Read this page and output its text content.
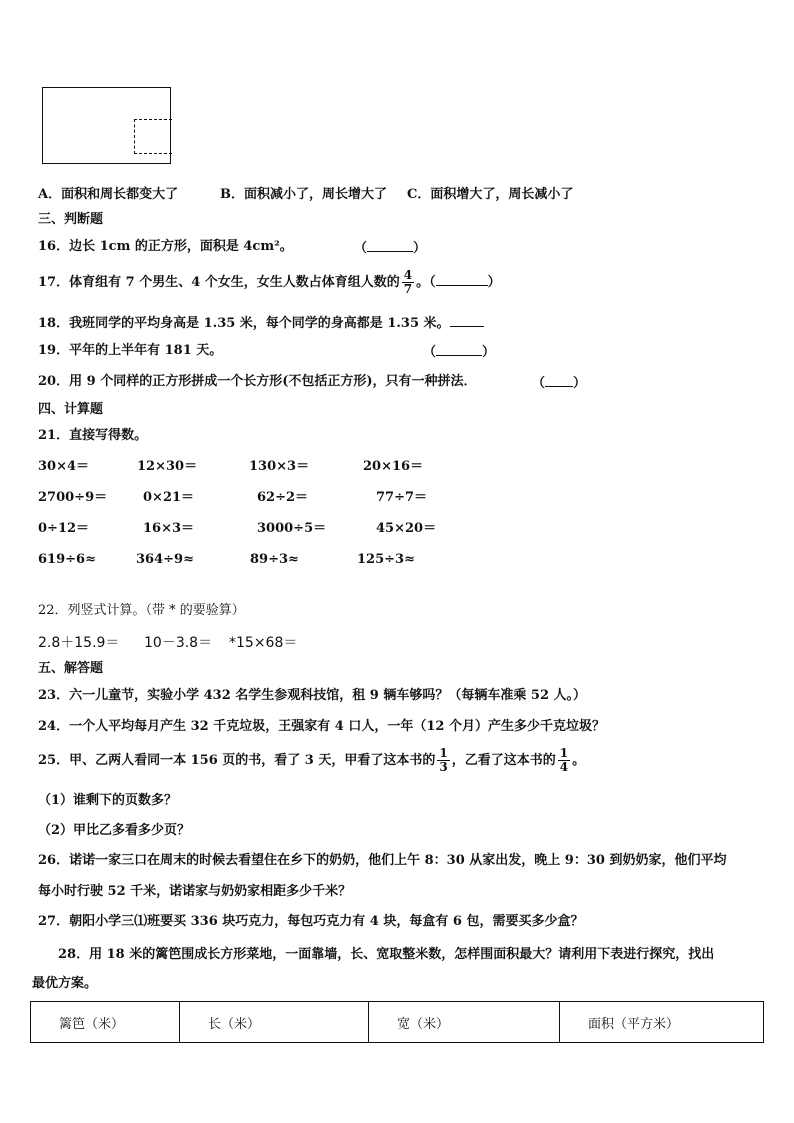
A．面积和周长都变大了	B．面积减小了，周长增大了 C．面积增大了，周长减小了
三、判断题
16．边长 1cm 的正方形，面积是 4cm²。	（	）
17．体育组有 7 个男生、4 个女生，女生人数占体育组人数的 $\frac{4}{7}$ 。（	）
18．我班同学的平均身高是 1.35 米，每个同学的身高都是 1.35 米。
19．平年的上半年有 181 天。	（	）
20．用 9 个同样的正方形拼成一个长方形(不包括正方形)，只有一种拼法．	（ ）
四、计算题
21．直接写得数。
30×4＝	12×30＝	130×3＝	20×16＝
2700÷9＝	0×21＝	62÷2＝	77÷7＝
0÷12＝	16×3＝	3000÷5＝	45×20＝
619÷6≈	364÷9≈	89÷3≈	125÷3≈
22．列竖式计算。（带 * 的要验算）
2.8＋15.9＝ 10－3.8＝ *15×68＝
五、解答题
23．六一儿童节，实验小学 432 名学生参观科技馆，租 9 辆车够吗？（每辆车准乘 52 人。）
24．一个人平均每月产生 32 千克垃圾，王强家有 4 口人，一年（12 个月）产生多少千克垃圾？
25．甲、乙两人看同一本 156 页的书，看了 3 天，甲看了这本书的 $\frac{1}{3}$ ，乙看了这本书的 $\frac{1}{4}$ 。
（1）谁剩下的页数多？
（2）甲比乙多看多少页？
26．诺诺一家三口在周末的时候去看望住在乡下的奶奶，他们上午 8：30 从家出发，晚上 9：30 到奶奶家，他们平均
每小时行驶 52 千米，诺诺家与奶奶家相距多少千米？
27．朝阳小学三⑴班要买 336 块巧克力，每包巧克力有 4 块，每盒有 6 包，需要买多少盒？
28．用 18 米的篱笆围成长方形菜地，一面靠墙，长、宽取整米数，怎样围面积最大？请利用下表进行探究，找出
最优方案。
篱笆（米）	长（米）	宽（米）	面积（平方米）
